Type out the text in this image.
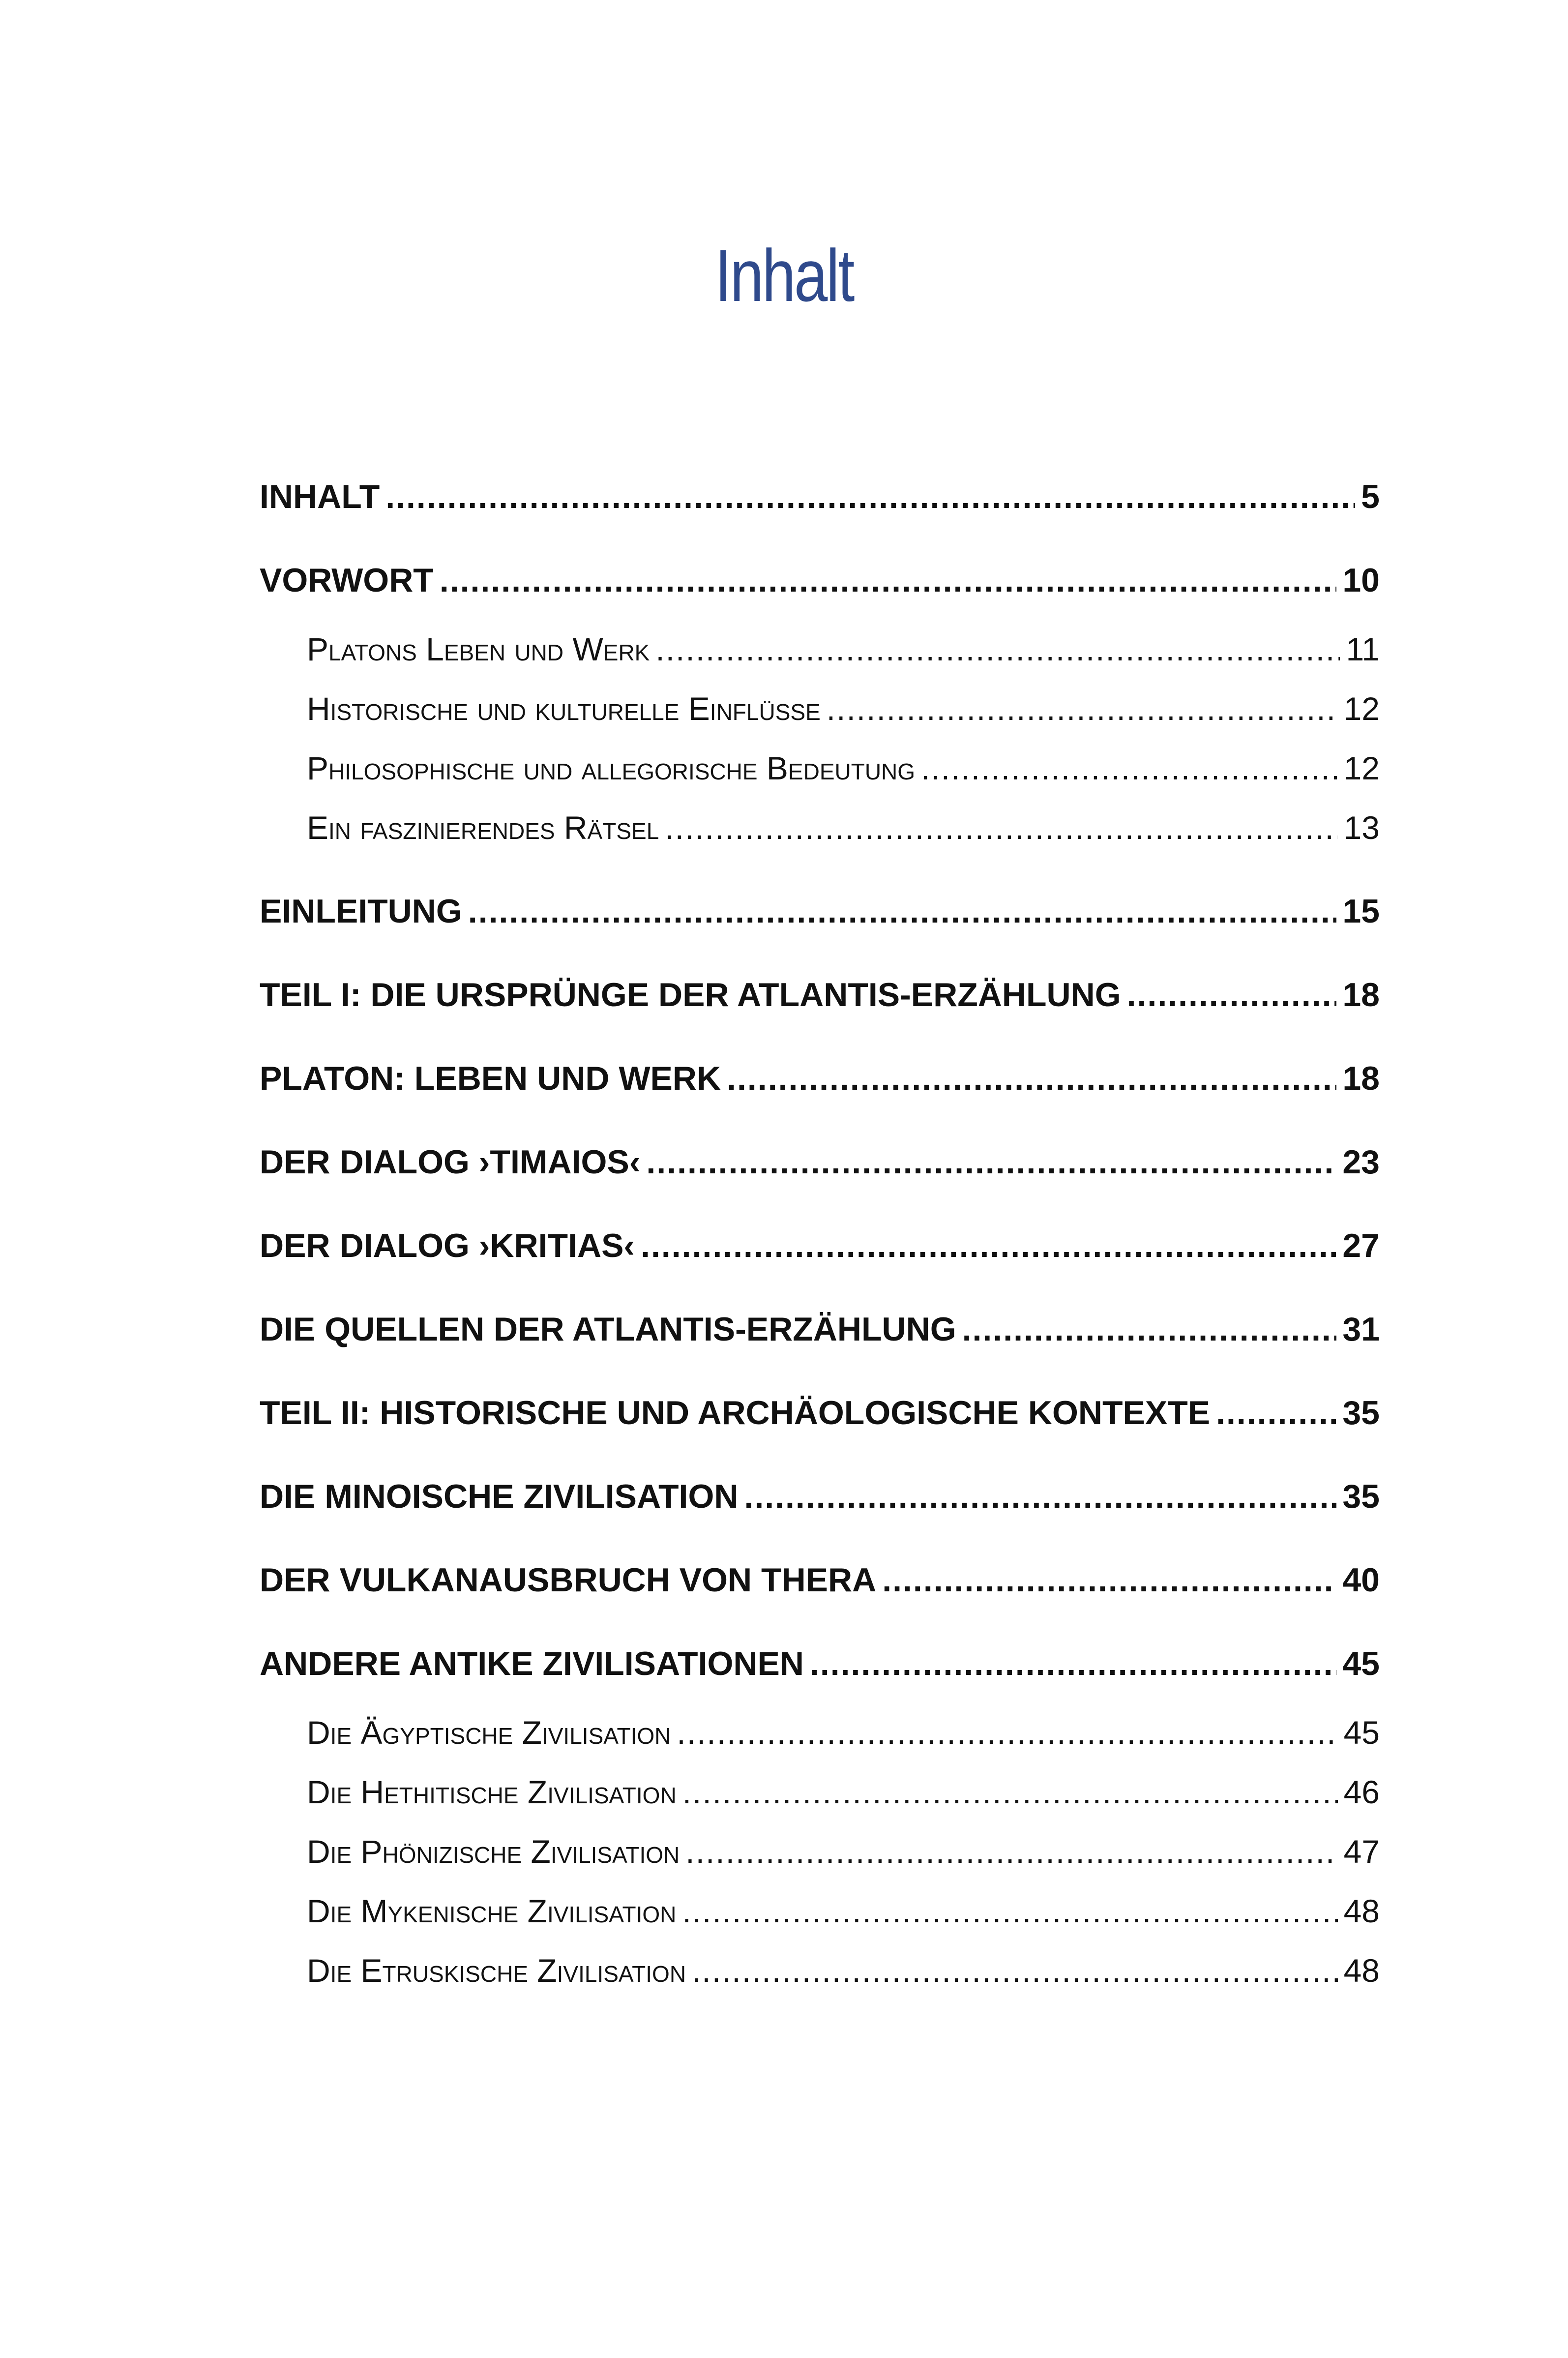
Inhalt
INHALT .....	5
VORWORT .....	10
Platons Leben und Werk .....	11
Historische und kulturelle Einflüsse .....	12
Philosophische und allegorische Bedeutung .....	12
Ein faszinierendes Rätsel .....	13
EINLEITUNG .....	15
TEIL I: DIE URSPRÜNGE DER ATLANTIS-ERZÄHLUNG .....	18
PLATON: LEBEN UND WERK .....	18
DER DIALOG ›TIMAIOS‹ .....	23
DER DIALOG ›KRITIAS‹ .....	27
DIE QUELLEN DER ATLANTIS-ERZÄHLUNG .....	31
TEIL II: HISTORISCHE UND ARCHÄOLOGISCHE KONTEXTE .....	35
DIE MINOISCHE ZIVILISATION .....	35
DER VULKANAUSBRUCH VON THERA .....	40
ANDERE ANTIKE ZIVILISATIONEN .....	45
Die Ägyptische Zivilisation .....	45
Die Hethitische Zivilisation .....	46
Die Phönizische Zivilisation .....	47
Die Mykenische Zivilisation .....	48
Die Etruskische Zivilisation .....	48
